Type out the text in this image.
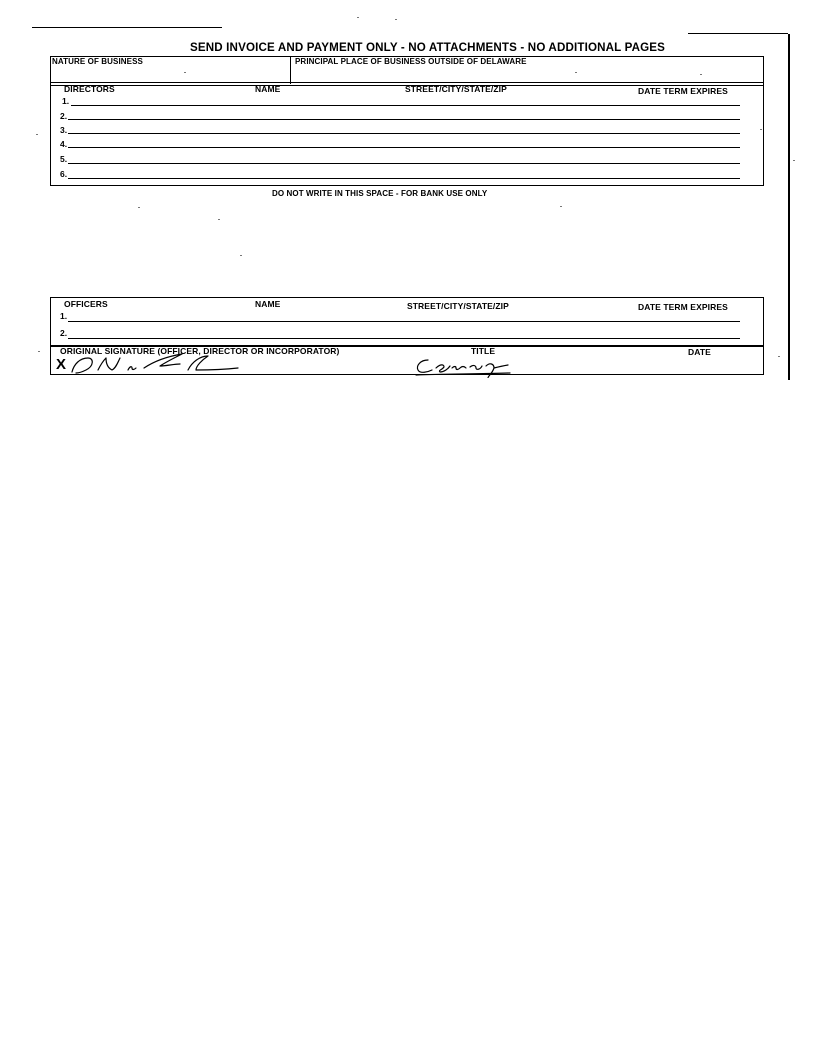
SEND INVOICE AND PAYMENT ONLY - NO ATTACHMENTS - NO ADDITIONAL PAGES
NATURE OF BUSINESS	PRINCIPAL PLACE OF BUSINESS OUTSIDE OF DELAWARE
DIRECTORS	NAME	STREET/CITY/STATE/ZIP	DATE TERM EXPIRES
1.
2.
3.
4.
5.
6.
DO NOT WRITE IN THIS SPACE - FOR BANK USE ONLY
OFFICERS	NAME	STREET/CITY/STATE/ZIP	DATE TERM EXPIRES
1.
2.
ORIGINAL SIGNATURE (OFFICER, DIRECTOR OR INCORPORATOR)
X
TITLE	DATE
